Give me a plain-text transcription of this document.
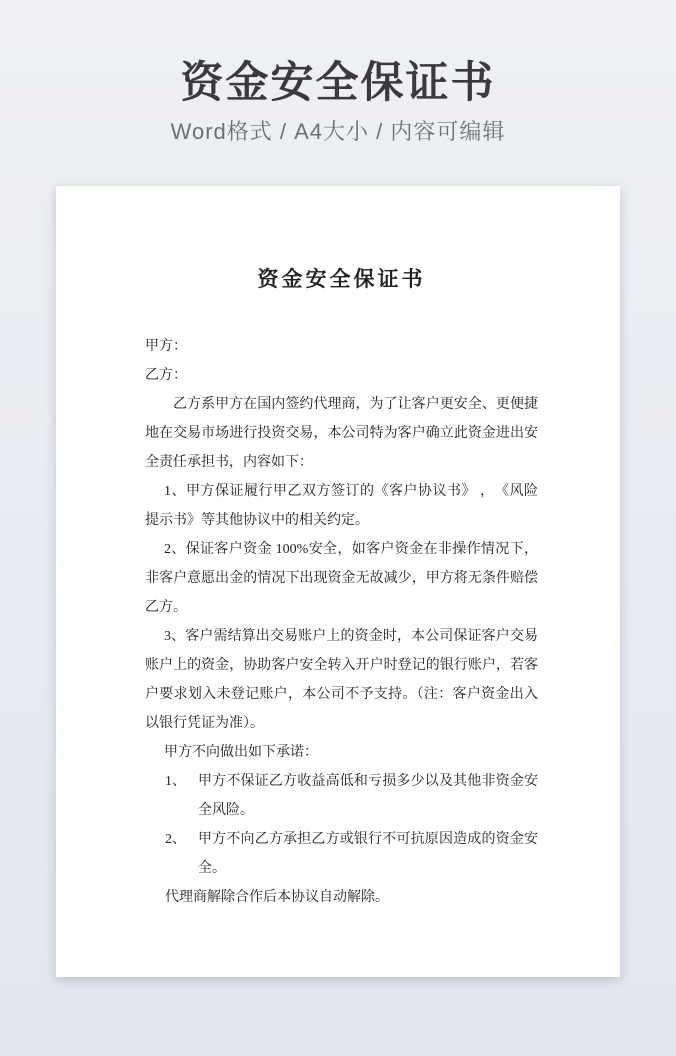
资金安全保证书
Word格式 / A4大小 / 内容可编辑
资金安全保证书

甲方：

乙方：

乙方系甲方在国内签约代理商，为了让客户更安全、更便捷地在交易市场进行投资交易，本公司特为客户确立此资金进出安全责任承担书，内容如下：

1、甲方保证履行甲乙双方签订的《客户协议书》 ，　《风险提示书》等其他协议中的相关约定。

2、保证客户资金 100%安全，如客户资金在非操作情况下，非客户意愿出金的情况下出现资金无故减少，甲方将无条件赔偿乙方。

3、客户需结算出交易账户上的资金时，本公司保证客户交易账户上的资金，协助客户安全转入开户时登记的银行账户，若客户要求划入未登记账户，本公司不予支持。（注：客户资金出入以银行凭证为准）。

甲方不向做出如下承诺：

1、 甲方不保证乙方收益高低和亏损多少以及其他非资金安全风险。
2、 甲方不向乙方承担乙方或银行不可抗原因造成的资金安全。

代理商解除合作后本协议自动解除。
